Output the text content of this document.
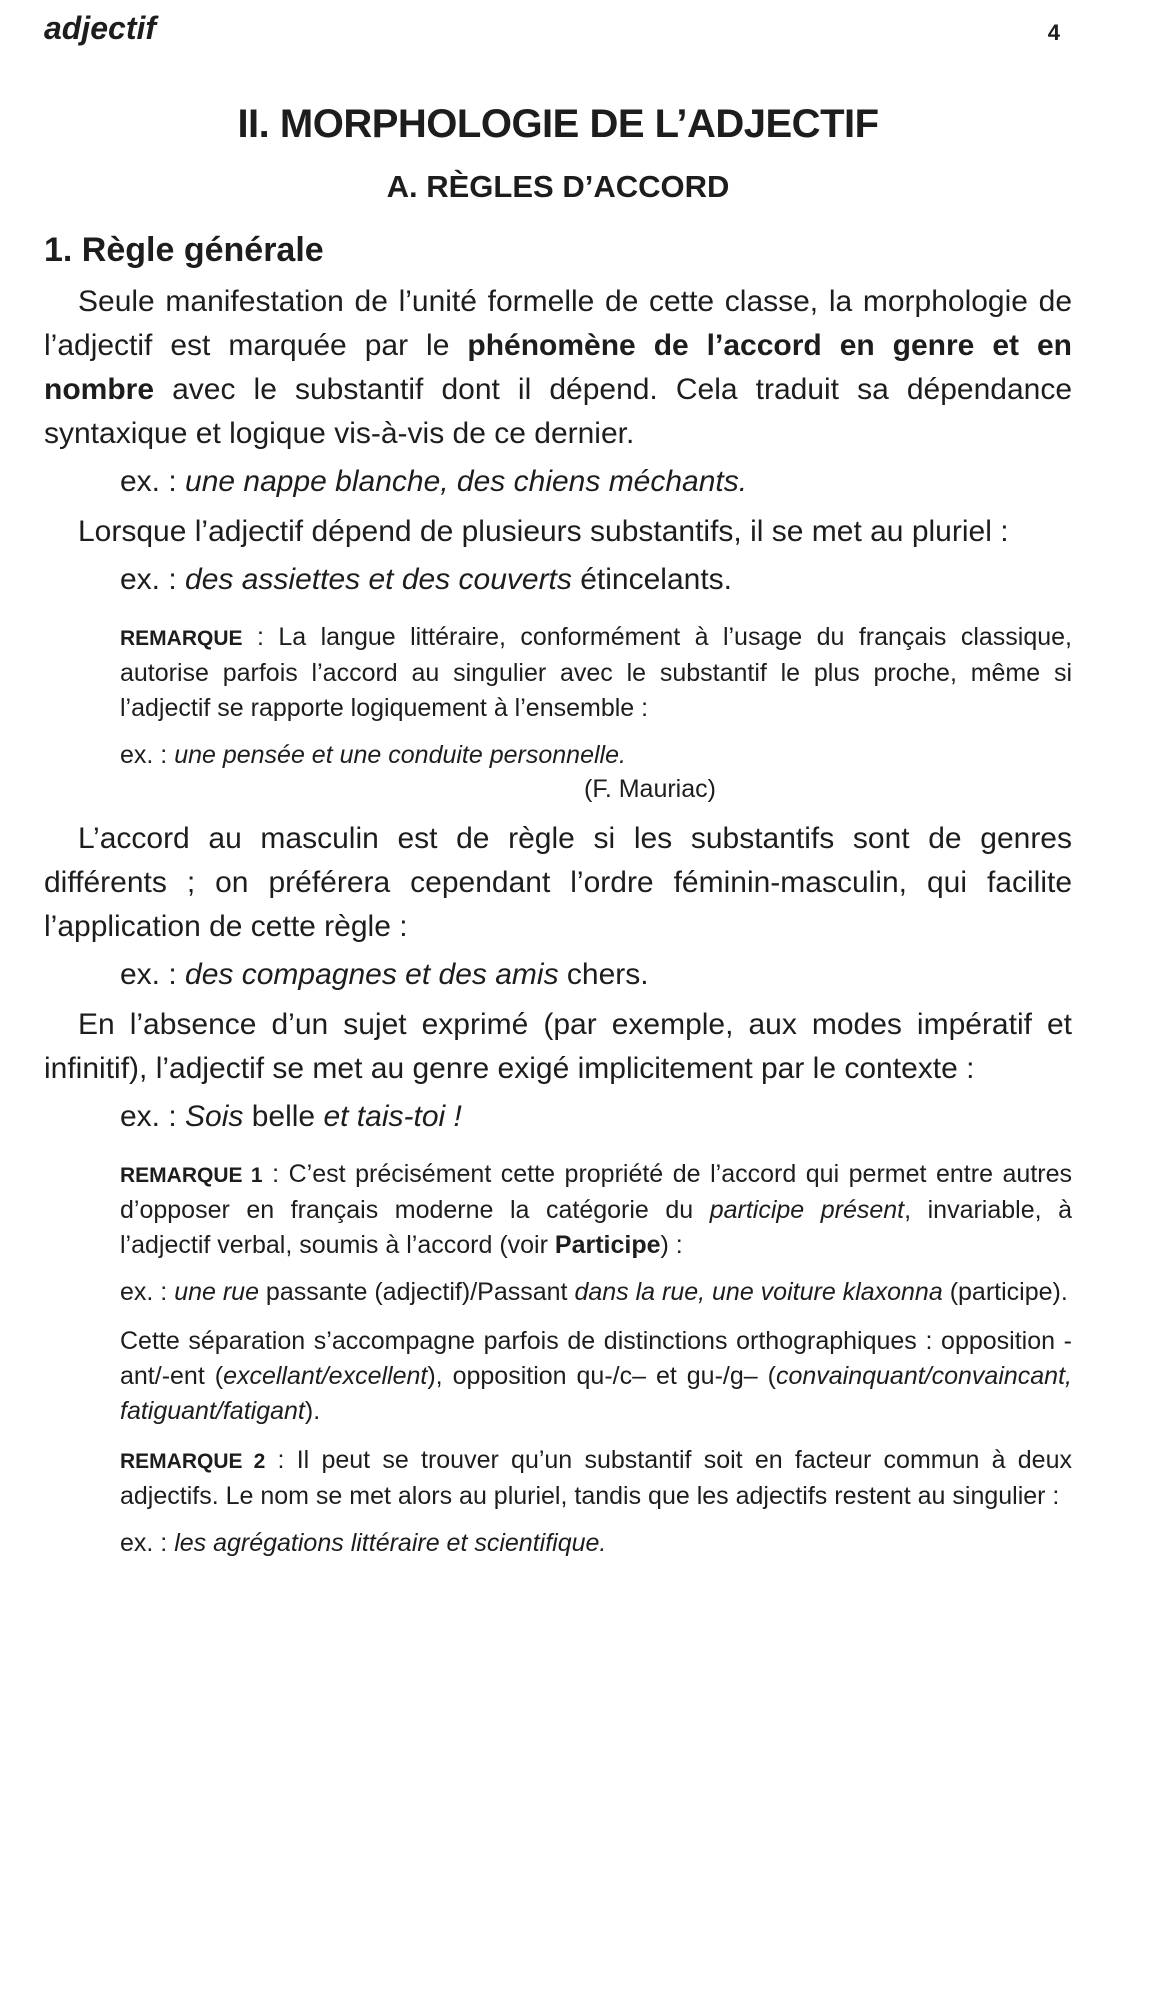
adjectif	4
II. MORPHOLOGIE DE L’ADJECTIF
A. RÈGLES D’ACCORD
1. Règle générale

Seule manifestation de l’unité formelle de cette classe, la morphologie de l’adjectif est marquée par le phénomène de l’accord en genre et en nombre avec le substantif dont il dépend. Cela traduit sa dépendance syntaxique et logique vis-à-vis de ce dernier.

ex. : une nappe blanche, des chiens méchants.

Lorsque l’adjectif dépend de plusieurs substantifs, il se met au pluriel :

ex. : des assiettes et des couverts étincelants.

REMARQUE : La langue littéraire, conformément à l’usage du français classique, autorise parfois l’accord au singulier avec le substantif le plus proche, même si l’adjectif se rapporte logiquement à l’ensemble :

ex. : une pensée et une conduite personnelle.

(F. Mauriac)

L’accord au masculin est de règle si les substantifs sont de genres différents ; on préférera cependant l’ordre féminin-masculin, qui facilite l’application de cette règle :

ex. : des compagnes et des amis chers.

En l’absence d’un sujet exprimé (par exemple, aux modes impératif et infinitif), l’adjectif se met au genre exigé implicitement par le contexte :

ex. : Sois belle et tais-toi !

REMARQUE 1 : C’est précisément cette propriété de l’accord qui permet entre autres d’opposer en français moderne la catégorie du participe présent, invariable, à l’adjectif verbal, soumis à l’accord (voir Participe) :

ex. : une rue passante (adjectif)/Passant dans la rue, une voiture klaxonna (participe).

Cette séparation s’accompagne parfois de distinctions orthographiques : opposition -ant/-ent (excellant/excellent), opposition qu-/c– et gu-/g– (convainquant/convaincant, fatiguant/fatigant).

REMARQUE 2 : Il peut se trouver qu’un substantif soit en facteur commun à deux adjectifs. Le nom se met alors au pluriel, tandis que les adjectifs restent au singulier :

ex. : les agrégations littéraire et scientifique.
